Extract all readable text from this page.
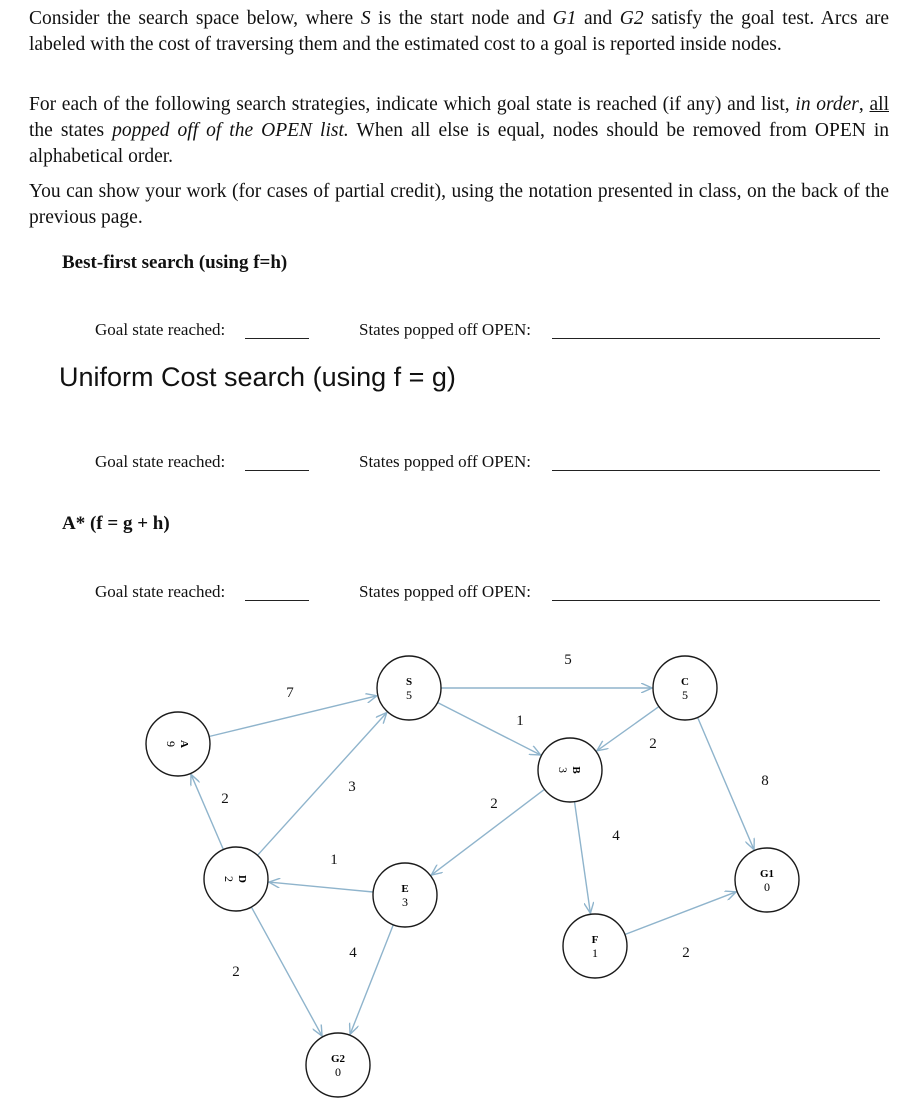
Consider the search space below, where S is the start node and G1 and G2 satisfy the goal test. Arcs are labeled with the cost of traversing them and the estimated cost to a goal is reported inside nodes.

For each of the following search strategies, indicate which goal state is reached (if any) and list, in order, all the states popped off of the OPEN list. When all else is equal, nodes should be removed from OPEN in alphabetical order.

You can show your work (for cases of partial credit), using the notation presented in class, on the back of the previous page.

Best-first search (using f=h)
Goal state reached:	States popped off OPEN:
Uniform Cost search (using f = g)
Goal state reached:	States popped off OPEN:
A* (f = g + h)
Goal state reached:	States popped off OPEN:
7
5
1
2
8
2
3
1
2
4
2
2
4
S
5
A
9
B
3
C
5
D
2
E
3
F
1
G1
0
G2
0
